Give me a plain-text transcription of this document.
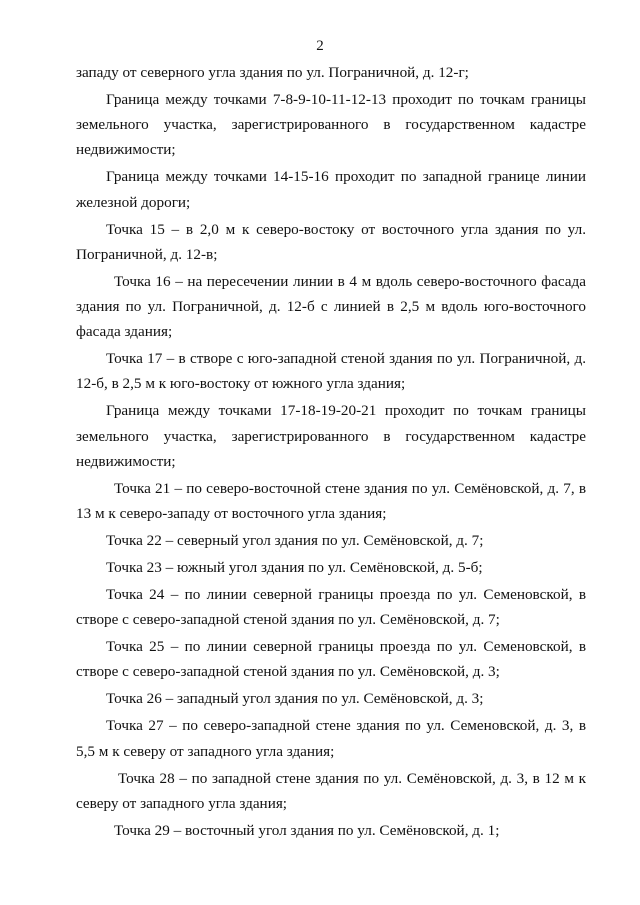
2

западу от северного угла здания по ул. Пограничной, д. 12-г;

Граница между точками 7-8-9-10-11-12-13 проходит по точкам границы земельного участка, зарегистрированного в государственном кадастре недвижимости;

Граница между точками 14-15-16 проходит по западной границе линии железной дороги;

Точка 15 – в 2,0 м к северо-востоку от восточного угла здания по ул. Пограничной, д. 12-в;

Точка 16 – на пересечении линии в 4 м вдоль северо-восточного фасада здания по ул. Пограничной, д. 12-б с линией в 2,5 м вдоль юго-восточного фасада здания;

Точка 17 – в створе с юго-западной стеной здания по ул. Пограничной, д. 12-б, в 2,5 м к юго-востоку от южного угла здания;

Граница между точками 17-18-19-20-21 проходит по точкам границы земельного участка, зарегистрированного в государственном кадастре недвижимости;

Точка 21 – по северо-восточной стене здания по ул. Семёновской, д. 7, в 13 м к северо-западу от восточного угла здания;

Точка 22 – северный угол здания по ул. Семёновской, д. 7;

Точка 23 – южный угол здания по ул. Семёновской, д. 5-б;

Точка 24 – по линии северной границы проезда по ул. Семеновской, в створе с северо-западной стеной здания по ул. Семёновской, д. 7;

Точка 25 – по линии северной границы проезда по ул. Семеновской, в створе с северо-западной стеной здания по ул. Семёновской, д. 3;

Точка 26 – западный угол здания по ул. Семёновской, д. 3;

Точка 27 – по северо-западной стене здания по ул. Семеновской, д. 3, в 5,5 м к северу от западного угла здания;

Точка 28 – по западной стене здания по ул. Семёновской, д. 3, в 12 м к северу от западного угла здания;

Точка 29 – восточный угол здания по ул. Семёновской, д. 1;
